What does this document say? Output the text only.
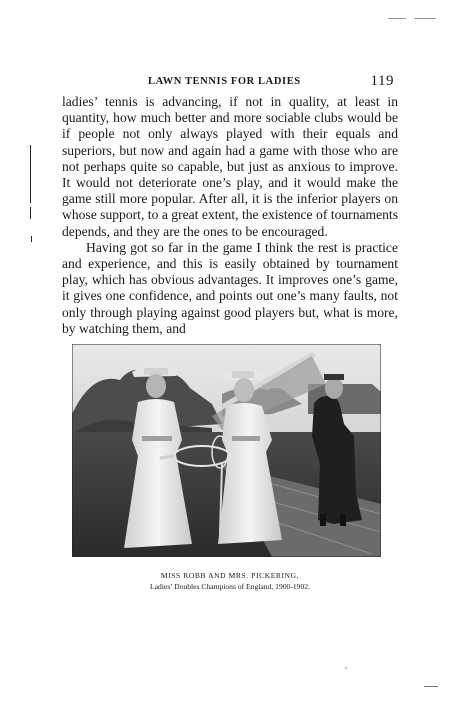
LAWN TENNIS FOR LADIES	119

ladies’ tennis is advancing, if not in quality, at least in quantity, how much better and more sociable clubs would be if people not only always played with their equals and superiors, but now and again had a game with those who are not perhaps quite so capable, but just as anxious to improve. It would not deteriorate one’s play, and it would make the game still more popular. After all, it is the inferior players on whose support, to a great extent, the existence of tournaments depends, and they are the ones to be encouraged.

Having got so far in the game I think the rest is practice and experience, and this is easily obtained by tournament play, which has obvious advantages. It improves one’s game, it gives one confidence, and points out one’s many faults, not only through playing against good players but, what is more, by watching them, and

MISS ROBB AND MRS. PICKERING,
Ladies’ Doubles Champions of England, 1900-1902.
